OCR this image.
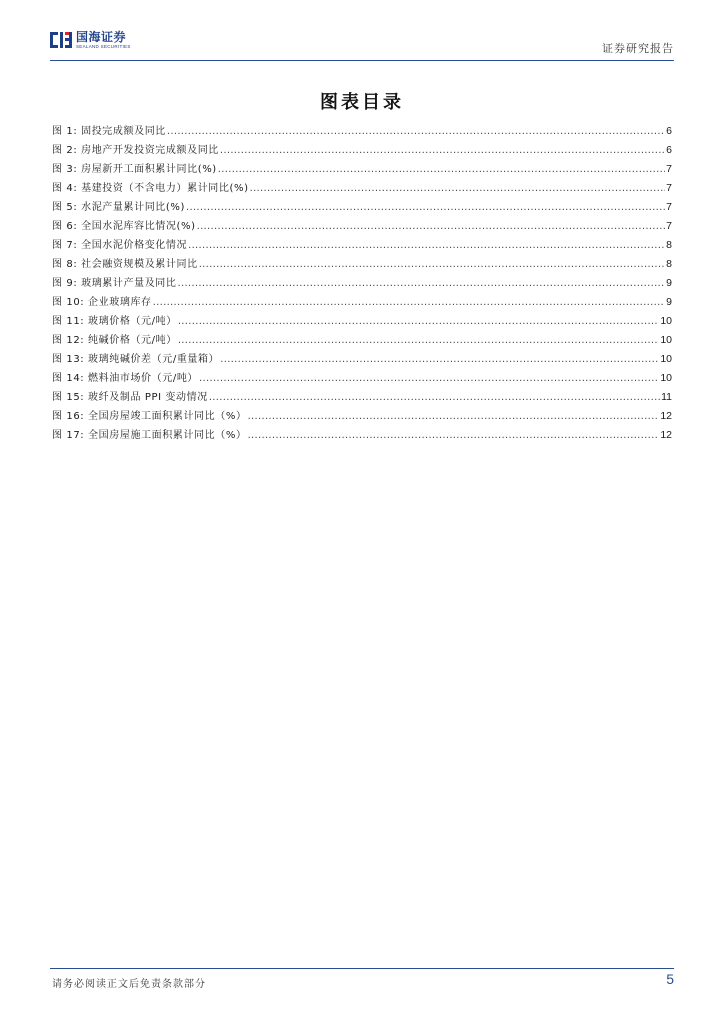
国海证券
SEALAND SECURITIES	证券研究报告
图表目录
图 1: 固投完成额及同比 .....	6
图 2: 房地产开发投资完成额及同比 .....	6
图 3: 房屋新开工面积累计同比(%) .....	7
图 4: 基建投资（不含电力）累计同比(%) .....	7
图 5: 水泥产量累计同比(%) .....	7
图 6: 全国水泥库容比情况(%) .....	7
图 7: 全国水泥价格变化情况 .....	8
图 8: 社会融资规模及累计同比 .....	8
图 9: 玻璃累计产量及同比 .....	9
图 10: 企业玻璃库存 .....	9
图 11: 玻璃价格（元/吨） .....	10
图 12: 纯碱价格（元/吨） .....	10
图 13: 玻璃纯碱价差（元/重量箱） .....	10
图 14: 燃料油市场价（元/吨） .....	10
图 15: 玻纤及制品 PPI 变动情况 .....	11
图 16: 全国房屋竣工面积累计同比（%） .....	12
图 17: 全国房屋施工面积累计同比（%） .....	12
请务必阅读正文后免责条款部分	5
